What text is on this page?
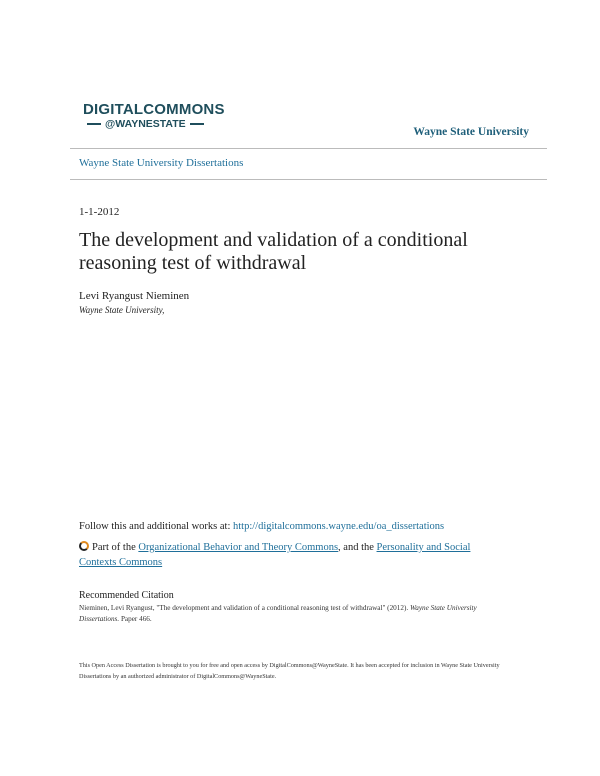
DIGITALCOMMONS
@WAYNESTATE
Wayne State University
Wayne State University Dissertations
1-1-2012
The development and validation of a conditional reasoning test of withdrawal
Levi Ryangust Nieminen
Wayne State University,
Follow this and additional works at: http://digitalcommons.wayne.edu/oa_dissertations
Part of the Organizational Behavior and Theory Commons, and the Personality and Social Contexts Commons
Recommended Citation
Nieminen, Levi Ryangust, "The development and validation of a conditional reasoning test of withdrawal" (2012). Wayne State University Dissertations. Paper 466.
This Open Access Dissertation is brought to you for free and open access by DigitalCommons@WayneState. It has been accepted for inclusion in Wayne State University Dissertations by an authorized administrator of DigitalCommons@WayneState.
